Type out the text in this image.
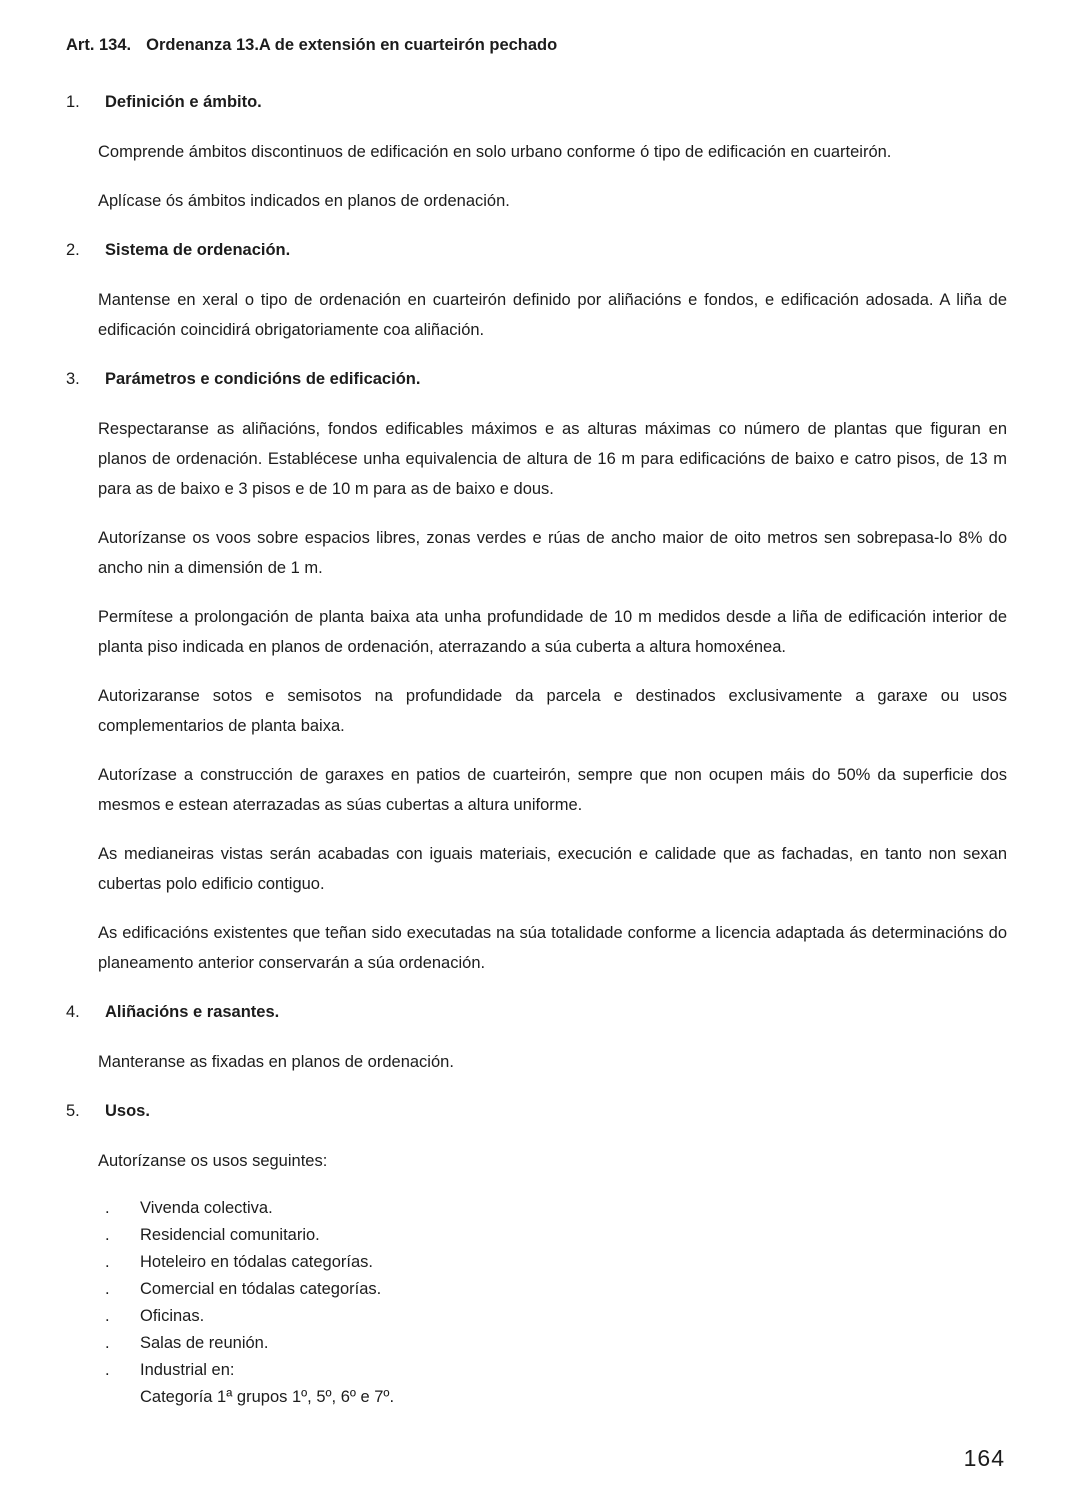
Art. 134. Ordenanza 13.A de extensión en cuarteirón pechado
1.	Definición e ámbito.

Comprende ámbitos discontinuos de edificación en solo urbano conforme ó tipo de edificación en cuarteirón.

Aplícase ós ámbitos indicados en planos de ordenación.

2.	Sistema de ordenación.

Mantense en xeral o tipo de ordenación en cuarteirón definido por aliñacións e fondos, e edificación adosada. A liña de edificación coincidirá obrigatoriamente coa aliñación.

3.	Parámetros e condicións de edificación.

Respectaranse as aliñacións, fondos edificables máximos e as alturas máximas co número de plantas que figuran en planos de ordenación. Establécese unha equivalencia de altura de 16 m para edificacións de baixo e catro pisos, de 13 m para as de baixo e 3 pisos e de 10 m para as de baixo e dous.

Autorízanse os voos sobre espacios libres, zonas verdes e rúas de ancho maior de oito metros sen sobrepasa-lo 8% do ancho nin a dimensión de 1 m.

Permítese a prolongación de planta baixa ata unha profundidade de 10 m medidos desde a liña de edificación interior de planta piso indicada en planos de ordenación, aterrazando a súa cuberta a altura homoxénea.

Autorizaranse sotos e semisotos na profundidade da parcela e destinados exclusivamente a garaxe ou usos complementarios de planta baixa.

Autorízase a construcción de garaxes en patios de cuarteirón, sempre que non ocupen máis do 50% da superficie dos mesmos e estean aterrazadas as súas cubertas a altura uniforme.

As medianeiras vistas serán acabadas con iguais materiais, execución e calidade que as fachadas, en tanto non sexan cubertas polo edificio contiguo.

As edificacións existentes que teñan sido executadas na súa totalidade conforme a licencia adaptada ás determinacións do planeamento anterior conservarán a súa ordenación.

4.	Aliñacións e rasantes.

Manteranse as fixadas en planos de ordenación.

5.	Usos.

Autorízanse os usos seguintes:

.	Vivenda colectiva.
.	Residencial comunitario.
.	Hoteleiro en tódalas categorías.
.	Comercial en tódalas categorías.
.	Oficinas.
.	Salas de reunión.
.	Industrial en:
Categoría 1ª grupos 1º, 5º, 6º e 7º.
164
